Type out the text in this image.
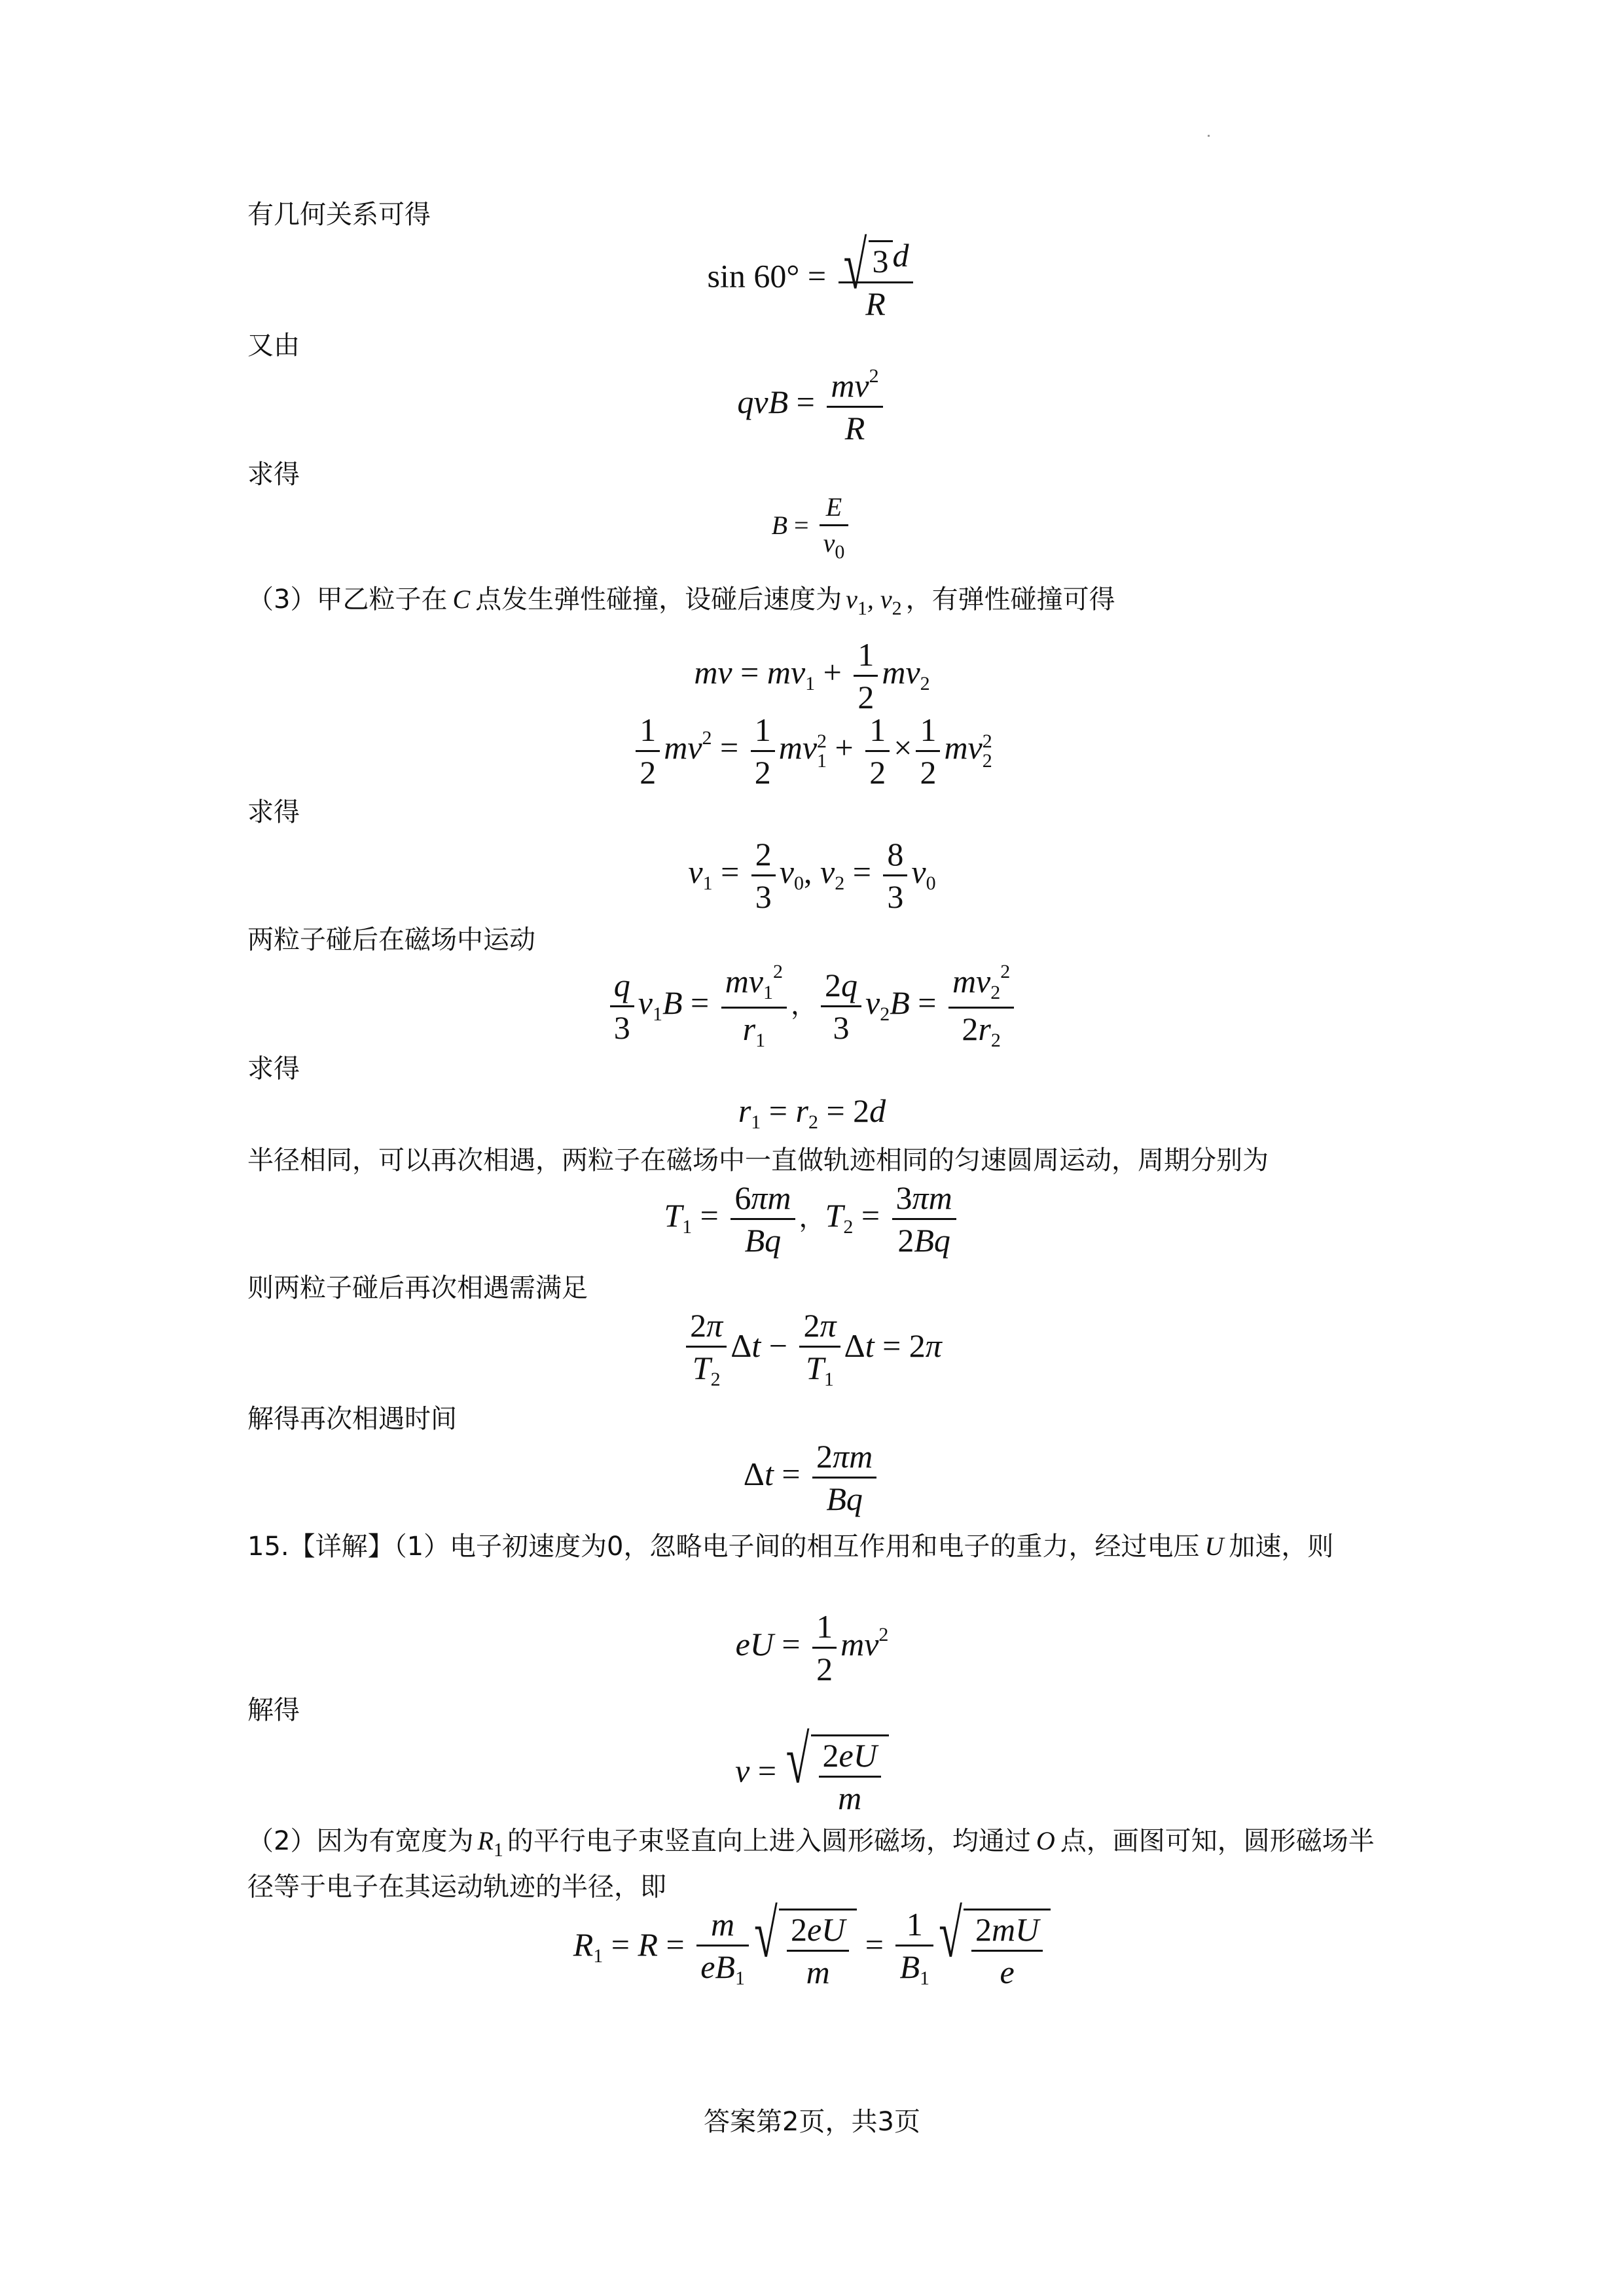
有几何关系可得
$\sin 60^\circ = \frac{√ 3 d}{R}$
又由
qvB = $\frac{mv^2}{R}$
求得
$B = \frac{E}{v_0}$
（3）甲乙粒子在 C 点发生弹性碰撞，设碰后速度为 $v_1$, $v_2$ ，有弹性碰撞可得
mv = $mv_1 + \frac{1}{2} mv_2$
$\frac{1}{2} mv^2 = \frac{1}{2}$ mv 2
$1 + \frac{1}{2} \times \frac{1}{2}$ mv 2
2
求得
$v_1 = \frac{2}{3} v_0$, $v_2 = \frac{8}{3} v_0$
两粒子碰后在磁场中运动
$\frac{q}{3} v_1B = \frac{mv_1^2}{r_1}$ ， $\frac{2q}{3} v_2B = \frac{mv_2^2}{2r_2}$
求得
$r_1 = r_2 = 2d$
半径相同，可以再次相遇，两粒子在磁场中一直做轨迹相同的匀速圆周运动，周期分别为
$T_1 = \frac{6\pi m}{Bq}$ ，$T_2 = \frac{3\pi m}{2Bq}$
则两粒子碰后再次相遇需满足
$\frac{2\pi}{T_2}$ $\Delta t - \frac{2\pi}{T_1}$ Δt = 2π
解得再次相遇时间
$\Delta t = \frac{2\pi m}{Bq}$
15.【详解】（1）电子初速度为0，忽略电子间的相互作用和电子的重力，经过电压 U 加速，则
eU = $\frac{1}{2} mv^2$
解得
v = √ $\frac{2eU}{m}$
（2）因为有宽度为 $R_1$ 的平行电子束竖直向上进入圆形磁场，均通过 O 点，画图可知，圆形磁场半径等于电子在其运动轨迹的半径，即
$R_1 = R = \frac{m}{eB_1}$ √ $\frac{2eU}{m} = \frac{1}{B_1}$ √ $\frac{2mU}{e}$
答案第2页，共3页
